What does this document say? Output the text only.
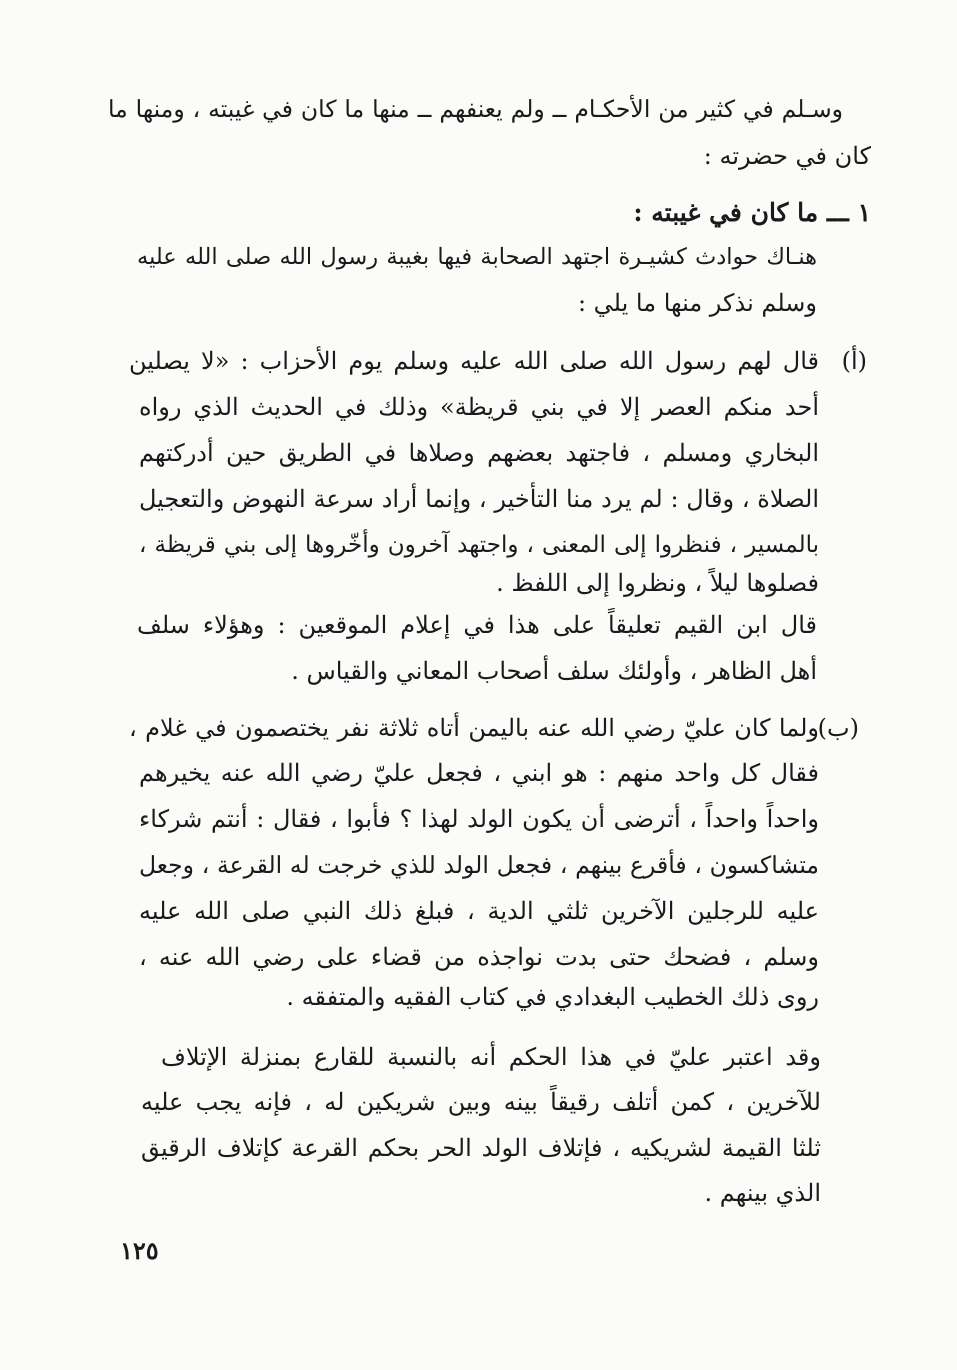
وسـلم في كثير من الأحكـام ــ ولم يعنفهم ــ منها ما كان في غيبته ، ومنها ما
كان في حضرته :
١ ـــ ما كان في غيبته :
هنـاك حوادث كشيـرة اجتهد الصحابة فيها بغيبة رسول الله صلى الله عليه
وسلم نذكر منها ما يلي :
(أ)
قال لهم رسول الله صلى الله عليه وسلم يوم الأحزاب : «لا يصلين
أحد منكم العصر إلا في بني قريظة» وذلك في الحديث الذي رواه
البخاري ومسلم ، فاجتهد بعضهم وصلاها في الطريق حين أدركتهم
الصلاة ، وقال : لم يرد منا التأخير ، وإنما أراد سرعة النهوض والتعجيل
بالمسير ، فنظروا إلى المعنى ، واجتهد آخرون وأخّروها إلى بني قريظة ،
فصلوها ليلاً ، ونظروا إلى اللفظ .
قال ابن القيم تعليقاً على هذا في إعلام الموقعين : وهؤلاء سلف
أهل الظاهر ، وأولئك سلف أصحاب المعاني والقياس .
(ب)
ولما كان عليّ رضي الله عنه باليمن أتاه ثلاثة نفر يختصمون في غلام ،
فقال كل واحد منهم : هو ابني ، فجعل عليّ رضي الله عنه يخيرهم
واحداً واحداً ، أترضى أن يكون الولد لهذا ؟ فأبوا ، فقال : أنتم شركاء
متشاكسون ، فأقرع بينهم ، فجعل الولد للذي خرجت له القرعة ، وجعل
عليه للرجلين الآخرين ثلثي الدية ، فبلغ ذلك النبي صلى الله عليه
وسلم ، فضحك حتى بدت نواجذه من قضاء على رضي الله عنه ،
روى ذلك الخطيب البغدادي في كتاب الفقيه والمتفقه .
وقد اعتبر عليّ في هذا الحكم أنه بالنسبة للقارع بمنزلة الإتلاف
للآخرين ، كمن أتلف رقيقاً بينه وبين شريكين له ، فإنه يجب عليه
ثلثا القيمة لشريكيه ، فإتلاف الولد الحر بحكم القرعة كإتلاف الرقيق
الذي بينهم .
١٢٥
